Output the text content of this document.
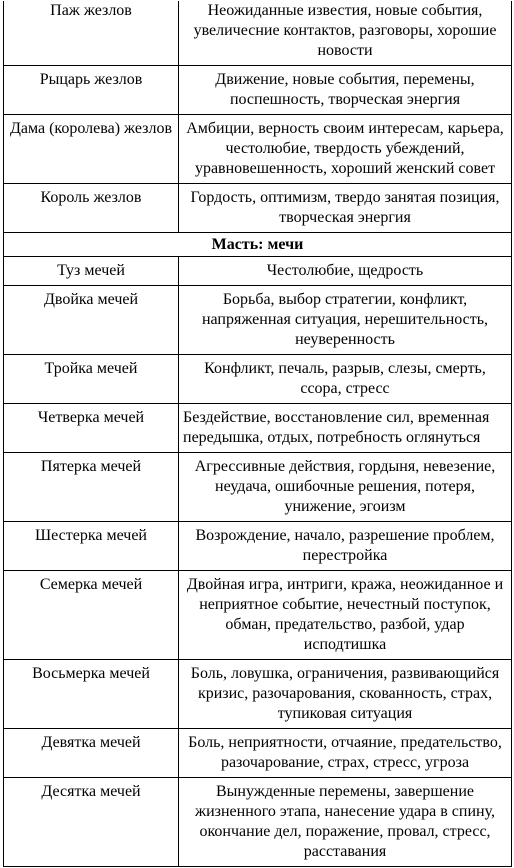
Паж жезлов	Неожиданные известия, новые события, увеличесние контактов, разговоры, хорошие новости
Рыцарь жезлов	Движение, новые события, перемены, поспешность, творческая энергия
Дама (королева) жезлов	Амбиции, верность своим интересам, карьера, честолюбие, твердость убеждений, уравновешенность, хороший женский совет
Король жезлов	Гордость, оптимизм, твердо занятая позиция, творческая энергия
Масть: мечи	
Туз мечей	Честолюбие, щедрость
Двойка мечей	Борьба, выбор стратегии, конфликт, напряженная ситуация, нерешительность, неуверенность
Тройка мечей	Конфликт, печаль, разрыв, слезы, смерть, ссора, стресс
Четверка мечей	Бездействие, восстановление сил, временная передышка, отдых, потребность оглянуться
Пятерка мечей	Агрессивные действия, гордыня, невезение, неудача, ошибочные решения, потеря, унижение, эгоизм
Шестерка мечей	Возрождение, начало, разрешение проблем, перестройка
Семерка мечей	Двойная игра, интриги, кража, неожиданное и неприятное событие, нечестный поступок, обман, предательство, разбой, удар исподтишка
Восьмерка мечей	Боль, ловушка, ограничения, развивающийся кризис, разочарования, скованность, страх, тупиковая ситуация
Девятка мечей	Боль, неприятности, отчаяние, предательство, разочарование, страх, стресс, угроза
Десятка мечей	Вынужденные перемены, завершение жизненного этапа, нанесение удара в спину, окончание дел, поражение, провал, стресс, расставания
